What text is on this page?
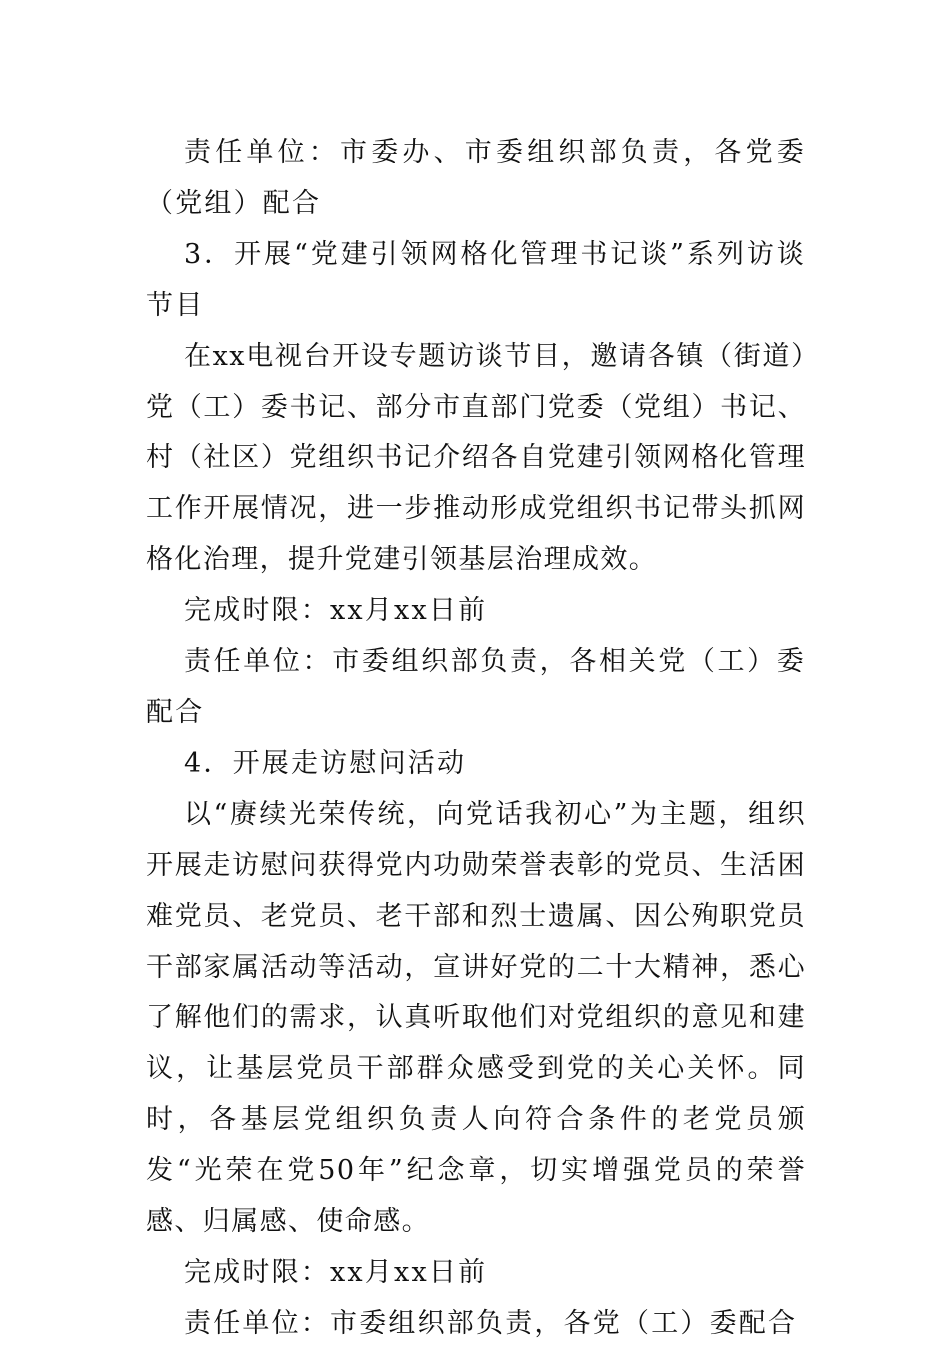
责任单位：市委办、市委组织部负责，各党委（党组）配合

3．开展“党建引领网格化管理书记谈”系列访谈节目

在xx电视台开设专题访谈节目，邀请各镇（街道）党（工）委书记、部分市直部门党委（党组）书记、村（社区）党组织书记介绍各自党建引领网格化管理工作开展情况，进一步推动形成党组织书记带头抓网格化治理，提升党建引领基层治理成效。

完成时限：xx月xx日前

责任单位：市委组织部负责，各相关党（工）委配合

4．开展走访慰问活动

以“赓续光荣传统，向党话我初心”为主题，组织开展走访慰问获得党内功勋荣誉表彰的党员、生活困难党员、老党员、老干部和烈士遗属、因公殉职党员干部家属活动等活动，宣讲好党的二十大精神，悉心了解他们的需求，认真听取他们对党组织的意见和建议，让基层党员干部群众感受到党的关心关怀。同时，各基层党组织负责人向符合条件的老党员颁发“光荣在党50年”纪念章，切实增强党员的荣誉感、归属感、使命感。

完成时限：xx月xx日前

责任单位：市委组织部负责，各党（工）委配合
